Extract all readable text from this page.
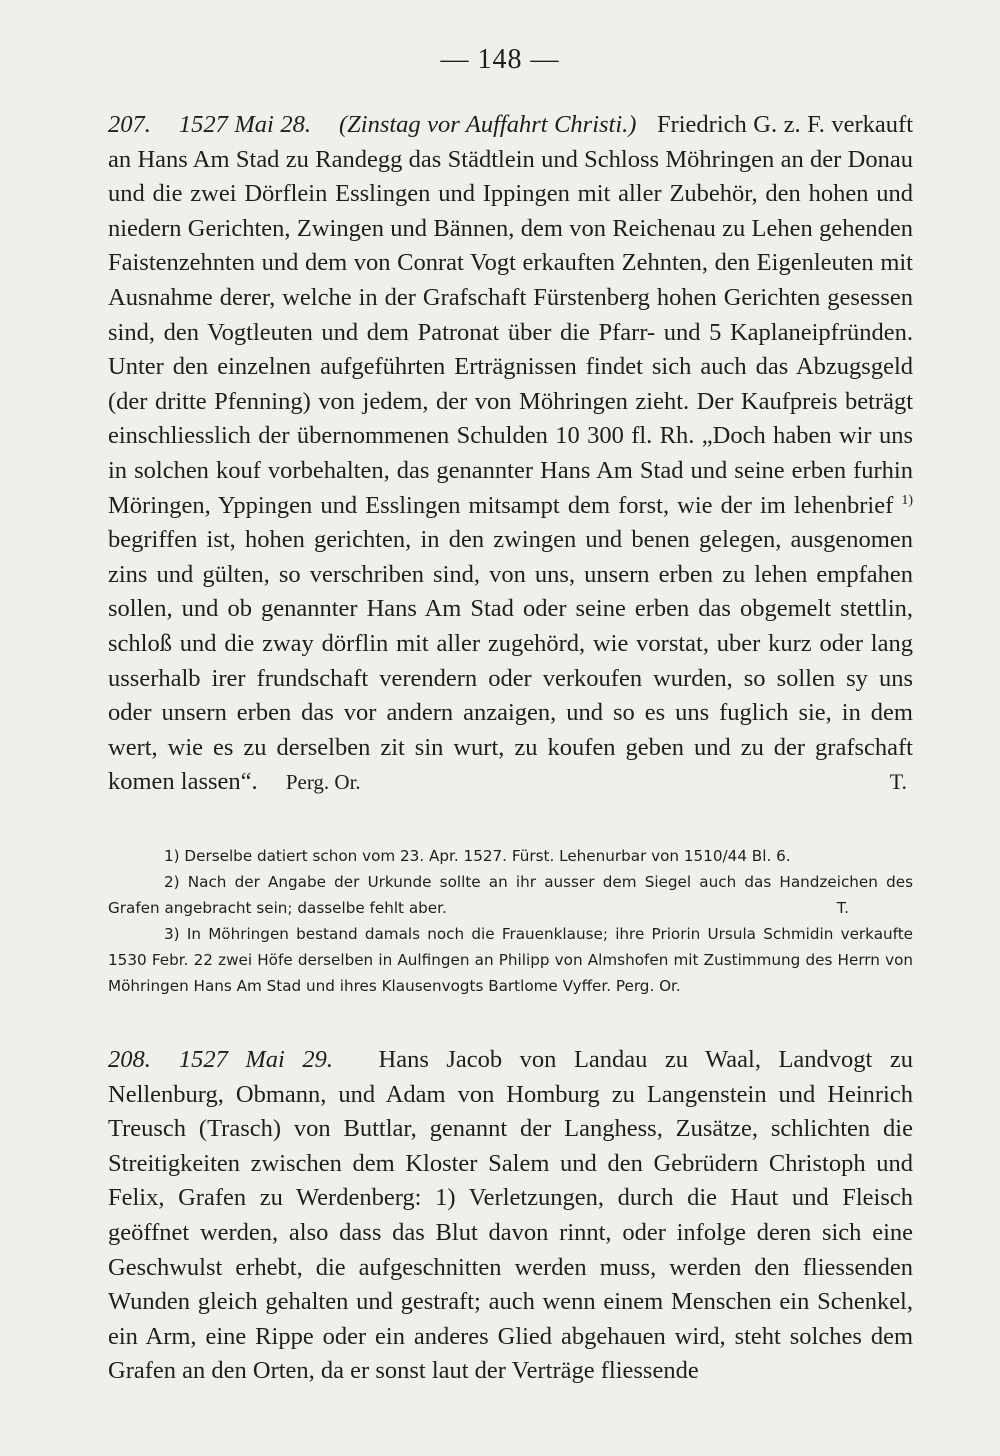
— 148 —
207. 1527 Mai 28. (Zinstag vor Auffahrt Christi.) Friedrich G. z. F. verkauft an Hans Am Stad zu Randegg das Städtlein und Schloss Möhringen an der Donau und die zwei Dörflein Esslingen und Ippingen mit aller Zubehör, den hohen und niedern Gerichten, Zwingen und Bännen, dem von Reichenau zu Lehen gehenden Faistenzehnten und dem von Conrat Vogt erkauften Zehnten, den Eigenleuten mit Ausnahme derer, welche in der Grafschaft Fürstenberg hohen Gerichten gesessen sind, den Vogtleuten und dem Patronat über die Pfarr- und 5 Kaplaneipfründen. Unter den einzelnen aufgeführten Erträgnissen findet sich auch das Abzugsgeld (der dritte Pfenning) von jedem, der von Möhringen zieht. Der Kaufpreis beträgt einschliesslich der übernommenen Schulden 10 300 fl. Rh. „Doch haben wir uns in solchen kouf vorbehalten, das genannter Hans Am Stad und seine erben furhin Möringen, Yppingen und Esslingen mitsampt dem forst, wie der im lehenbrief $^{1)}$ begriffen ist, hohen gerichten, in den zwingen und benen gelegen, ausgenomen zins und gülten, so verschriben sind, von uns, unsern erben zu lehen empfahen sollen, und ob genannter Hans Am Stad oder seine erben das obgemelt stettlin, schloß und die zway dörflin mit aller zugehörd, wie vorstat, uber kurz oder lang usserhalb irer frundschaft verendern oder verkoufen wurden, so sollen sy uns oder unsern erben das vor andern anzaigen, und so es uns fuglich sie, in dem wert, wie es zu derselben zit sin wurt, zu koufen geben und zu der grafschaft komen lassen“. Perg. Or.	T.

1) Derselbe datiert schon vom 23. Apr. 1527. Fürst. Lehenurbar von 1510/44 Bl. 6.

2) Nach der Angabe der Urkunde sollte an ihr ausser dem Siegel auch das Handzeichen des Grafen angebracht sein; dasselbe fehlt aber.	T.

3) In Möhringen bestand damals noch die Frauenklause; ihre Priorin Ursula Schmidin verkaufte 1530 Febr. 22 zwei Höfe derselben in Aulfingen an Philipp von Almshofen mit Zustimmung des Herrn von Möhringen Hans Am Stad und ihres Klausenvogts Bartlome Vyffer. Perg. Or.

208. 1527 Mai 29. Hans Jacob von Landau zu Waal, Landvogt zu Nellenburg, Obmann, und Adam von Homburg zu Langenstein und Heinrich Treusch (Trasch) von Buttlar, genannt der Langhess, Zusätze, schlichten die Streitigkeiten zwischen dem Kloster Salem und den Gebrüdern Christoph und Felix, Grafen zu Werdenberg: 1) Verletzungen, durch die Haut und Fleisch geöffnet werden, also dass das Blut davon rinnt, oder infolge deren sich eine Geschwulst erhebt, die aufgeschnitten werden muss, werden den fliessenden Wunden gleich gehalten und gestraft; auch wenn einem Menschen ein Schenkel, ein Arm, eine Rippe oder ein anderes Glied abgehauen wird, steht solches dem Grafen an den Orten, da er sonst laut der Verträge fliessende
